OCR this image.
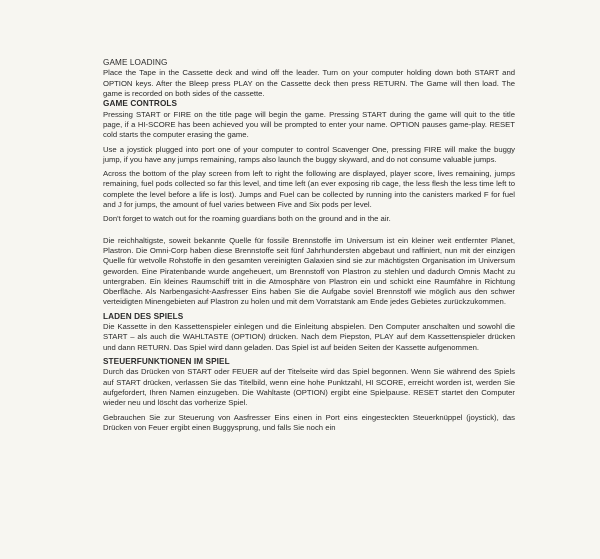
GAME LOADING

Place the Tape in the Cassette deck and wind off the leader. Turn on your computer holding down both START and OPTION keys. After the Bleep press PLAY on the Cassette deck then press RETURN. The Game will then load. The game is recorded on both sides of the cassette.

GAME CONTROLS

Pressing START or FIRE on the title page will begin the game. Pressing START during the game will quit to the title page, if a HI-SCORE has been achieved you will be prompted to enter your name. OPTION pauses game-play. RESET cold starts the computer erasing the game.

Use a joystick plugged into port one of your computer to control Scavenger One, pressing FIRE will make the buggy jump, if you have any jumps remaining, ramps also launch the buggy skyward, and do not consume valuable jumps.

Across the bottom of the play screen from left to right the following are displayed, player score, lives remaining, jumps remaining, fuel pods collected so far this level, and time left (an ever exposing rib cage, the less flesh the less time left to complete the level before a life is lost). Jumps and Fuel can be collected by running into the canisters marked F for fuel and J for jumps, the amount of fuel varies between Five and Six pods per level.

Don't forget to watch out for the roaming guardians both on the ground and in the air.

Die reichhaltigste, soweit bekannte Quelle für fossile Brennstoffe im Universum ist ein kleiner weit entfernter Planet, Plastron. Die Omni-Corp haben diese Brennstoffe seit fünf Jahrhundersten abgebaut und raffiniert, nun mit der einzigen Quelle für wetvolle Rohstoffe in den gesamten vereinigten Galaxien sind sie zur mächtigsten Organisation im Universum geworden. Eine Piratenbande wurde angeheuert, um Brennstoff von Plastron zu stehlen und dadurch Omnis Macht zu untergraben. Ein kleines Raumschiff tritt in die Atmosphäre von Plastron ein und schickt eine Raumfähre in Richtung Oberfläche. Als Narbengasicht-Aasfresser Eins haben Sie die Aufgabe soviel Brennstoff wie möglich aus den schwer verteidigten Minengebieten auf Plastron zu holen und mit dem Vorratstank am Ende jedes Gebietes zurückzukommen.

LADEN DES SPIELS

Die Kassette in den Kassettenspieler einlegen und die Einleitung abspielen. Den Computer anschalten und sowohl die START – als auch die WAHLTASTE (OPTION) drücken. Nach dem Piepston, PLAY auf dem Kassettenspieler drücken und dann RETURN. Das Spiel wird dann geladen. Das Spiel ist auf beiden Seiten der Kassette aufgenommen.

STEUERFUNKTIONEN IM SPIEL

Durch das Drücken von START oder FEUER auf der Titelseite wird das Spiel begonnen. Wenn Sie während des Spiels auf START drücken, verlassen Sie das Titelbild, wenn eine hohe Punktzahl, HI SCORE, erreicht worden ist, werden Sie aufgefordert, Ihren Namen einzugeben. Die Wahltaste (OPTION) ergibt eine Spielpause. RESET startet den Computer wieder neu und löscht das vorherize Spiel.

Gebrauchen Sie zur Steuerung von Aasfresser Eins einen in Port eins eingesteckten Steuerknüppel (joystick), das Drücken von Feuer ergibt einen Buggysprung, und falls Sie noch ein
